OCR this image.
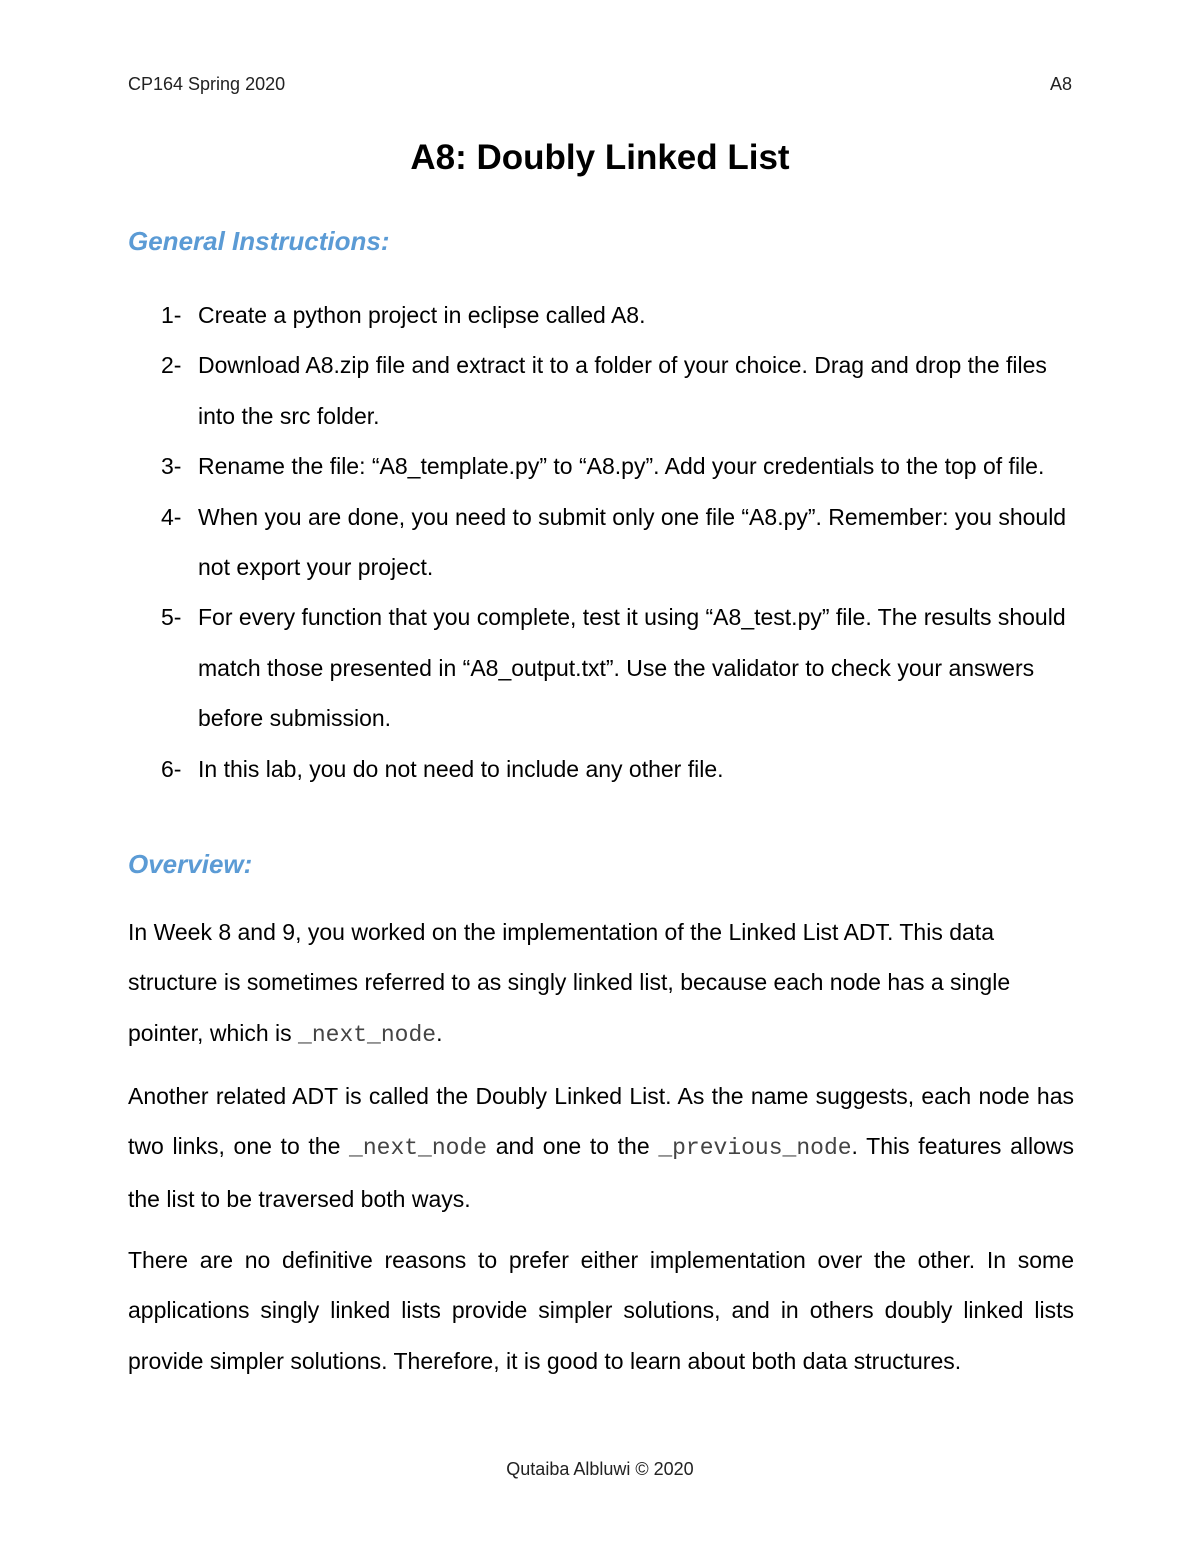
CP164 Spring 2020	A8
A8: Doubly Linked List
General Instructions:
1- Create a python project in eclipse called A8.
2- Download A8.zip file and extract it to a folder of your choice. Drag and drop the files into the src folder.
3- Rename the file: “A8_template.py” to “A8.py”. Add your credentials to the top of file.
4- When you are done, you need to submit only one file “A8.py”. Remember: you should not export your project.
5- For every function that you complete, test it using “A8_test.py” file. The results should match those presented in “A8_output.txt”. Use the validator to check your answers before submission.
6- In this lab, you do not need to include any other file.
Overview:

In Week 8 and 9, you worked on the implementation of the Linked List ADT. This data structure is sometimes referred to as singly linked list, because each node has a single pointer, which is _next_node.

Another related ADT is called the Doubly Linked List. As the name suggests, each node has two links, one to the _next_node and one to the _previous_node. This features allows the list to be traversed both ways.

There are no definitive reasons to prefer either implementation over the other. In some applications singly linked lists provide simpler solutions, and in others doubly linked lists provide simpler solutions. Therefore, it is good to learn about both data structures.

Qutaiba Albluwi © 2020
